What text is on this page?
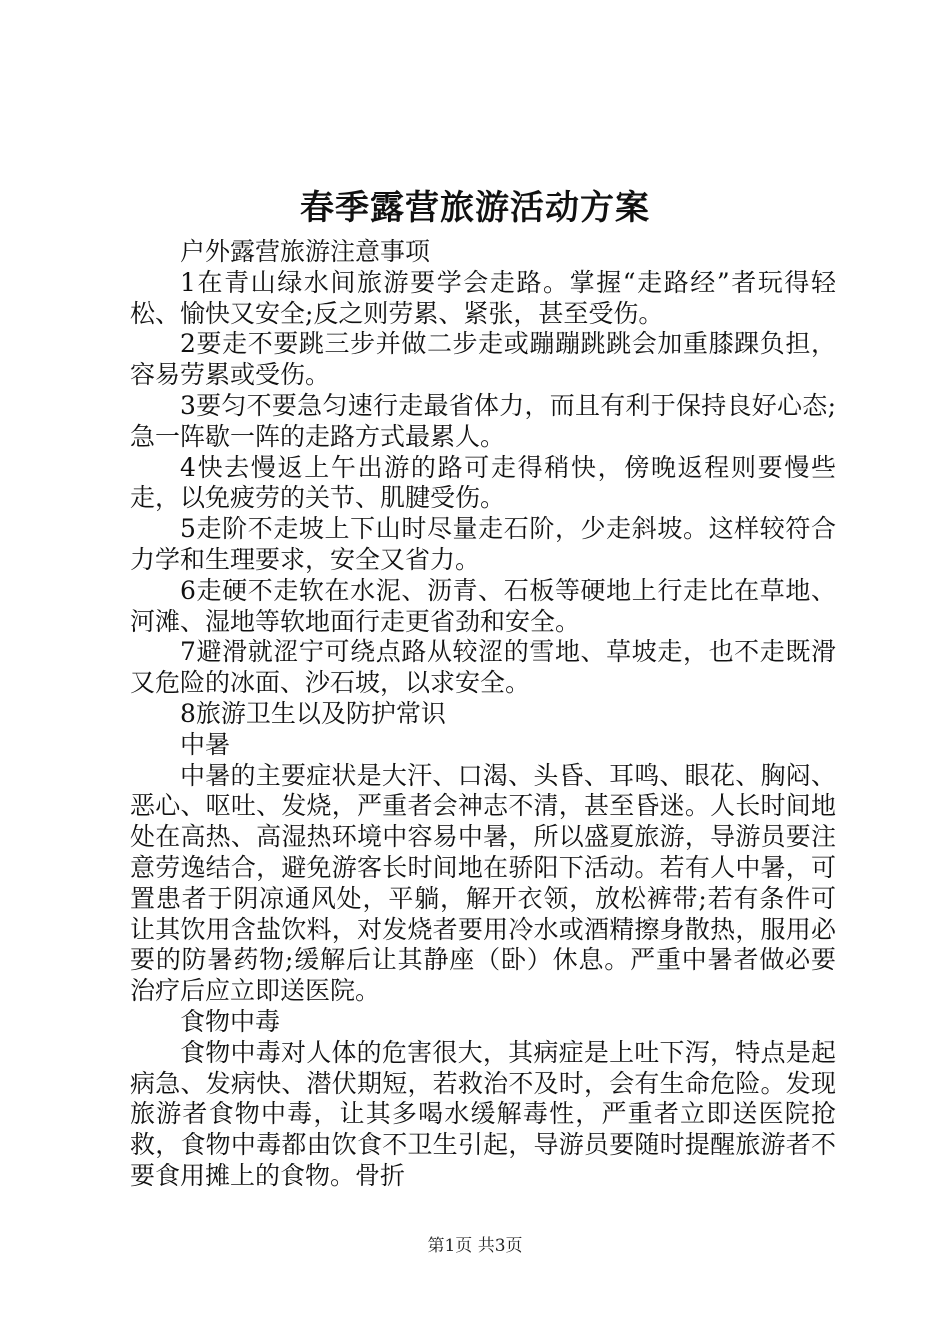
春季露营旅游活动方案

户外露营旅游注意事项

1在青山绿水间旅游要学会走路。掌握“走路经”者玩得轻松、愉快又安全;反之则劳累、紧张，甚至受伤。

2要走不要跳三步并做二步走或蹦蹦跳跳会加重膝踝负担，容易劳累或受伤。

3要匀不要急匀速行走最省体力，而且有利于保持良好心态;急一阵歇一阵的走路方式最累人。

4快去慢返上午出游的路可走得稍快，傍晚返程则要慢些走，以免疲劳的关节、肌腱受伤。

5走阶不走坡上下山时尽量走石阶，少走斜坡。这样较符合力学和生理要求，安全又省力。

6走硬不走软在水泥、沥青、石板等硬地上行走比在草地、河滩、湿地等软地面行走更省劲和安全。

7避滑就涩宁可绕点路从较涩的雪地、草坡走，也不走既滑又危险的冰面、沙石坡，以求安全。

8旅游卫生以及防护常识

中暑

中暑的主要症状是大汗、口渴、头昏、耳鸣、眼花、胸闷、恶心、呕吐、发烧，严重者会神志不清，甚至昏迷。人长时间地处在高热、高湿热环境中容易中暑，所以盛夏旅游，导游员要注意劳逸结合，避免游客长时间地在骄阳下活动。若有人中暑，可置患者于阴凉通风处，平躺，解开衣领，放松裤带;若有条件可让其饮用含盐饮料，对发烧者要用冷水或酒精擦身散热，服用必要的防暑药物;缓解后让其静座（卧）休息。严重中暑者做必要治疗后应立即送医院。

食物中毒

食物中毒对人体的危害很大，其病症是上吐下泻，特点是起病急、发病快、潜伏期短，若救治不及时，会有生命危险。发现旅游者食物中毒，让其多喝水缓解毒性，严重者立即送医院抢救，食物中毒都由饮食不卫生引起，导游员要随时提醒旅游者不要食用摊上的食物。骨折

第1页 共3页
